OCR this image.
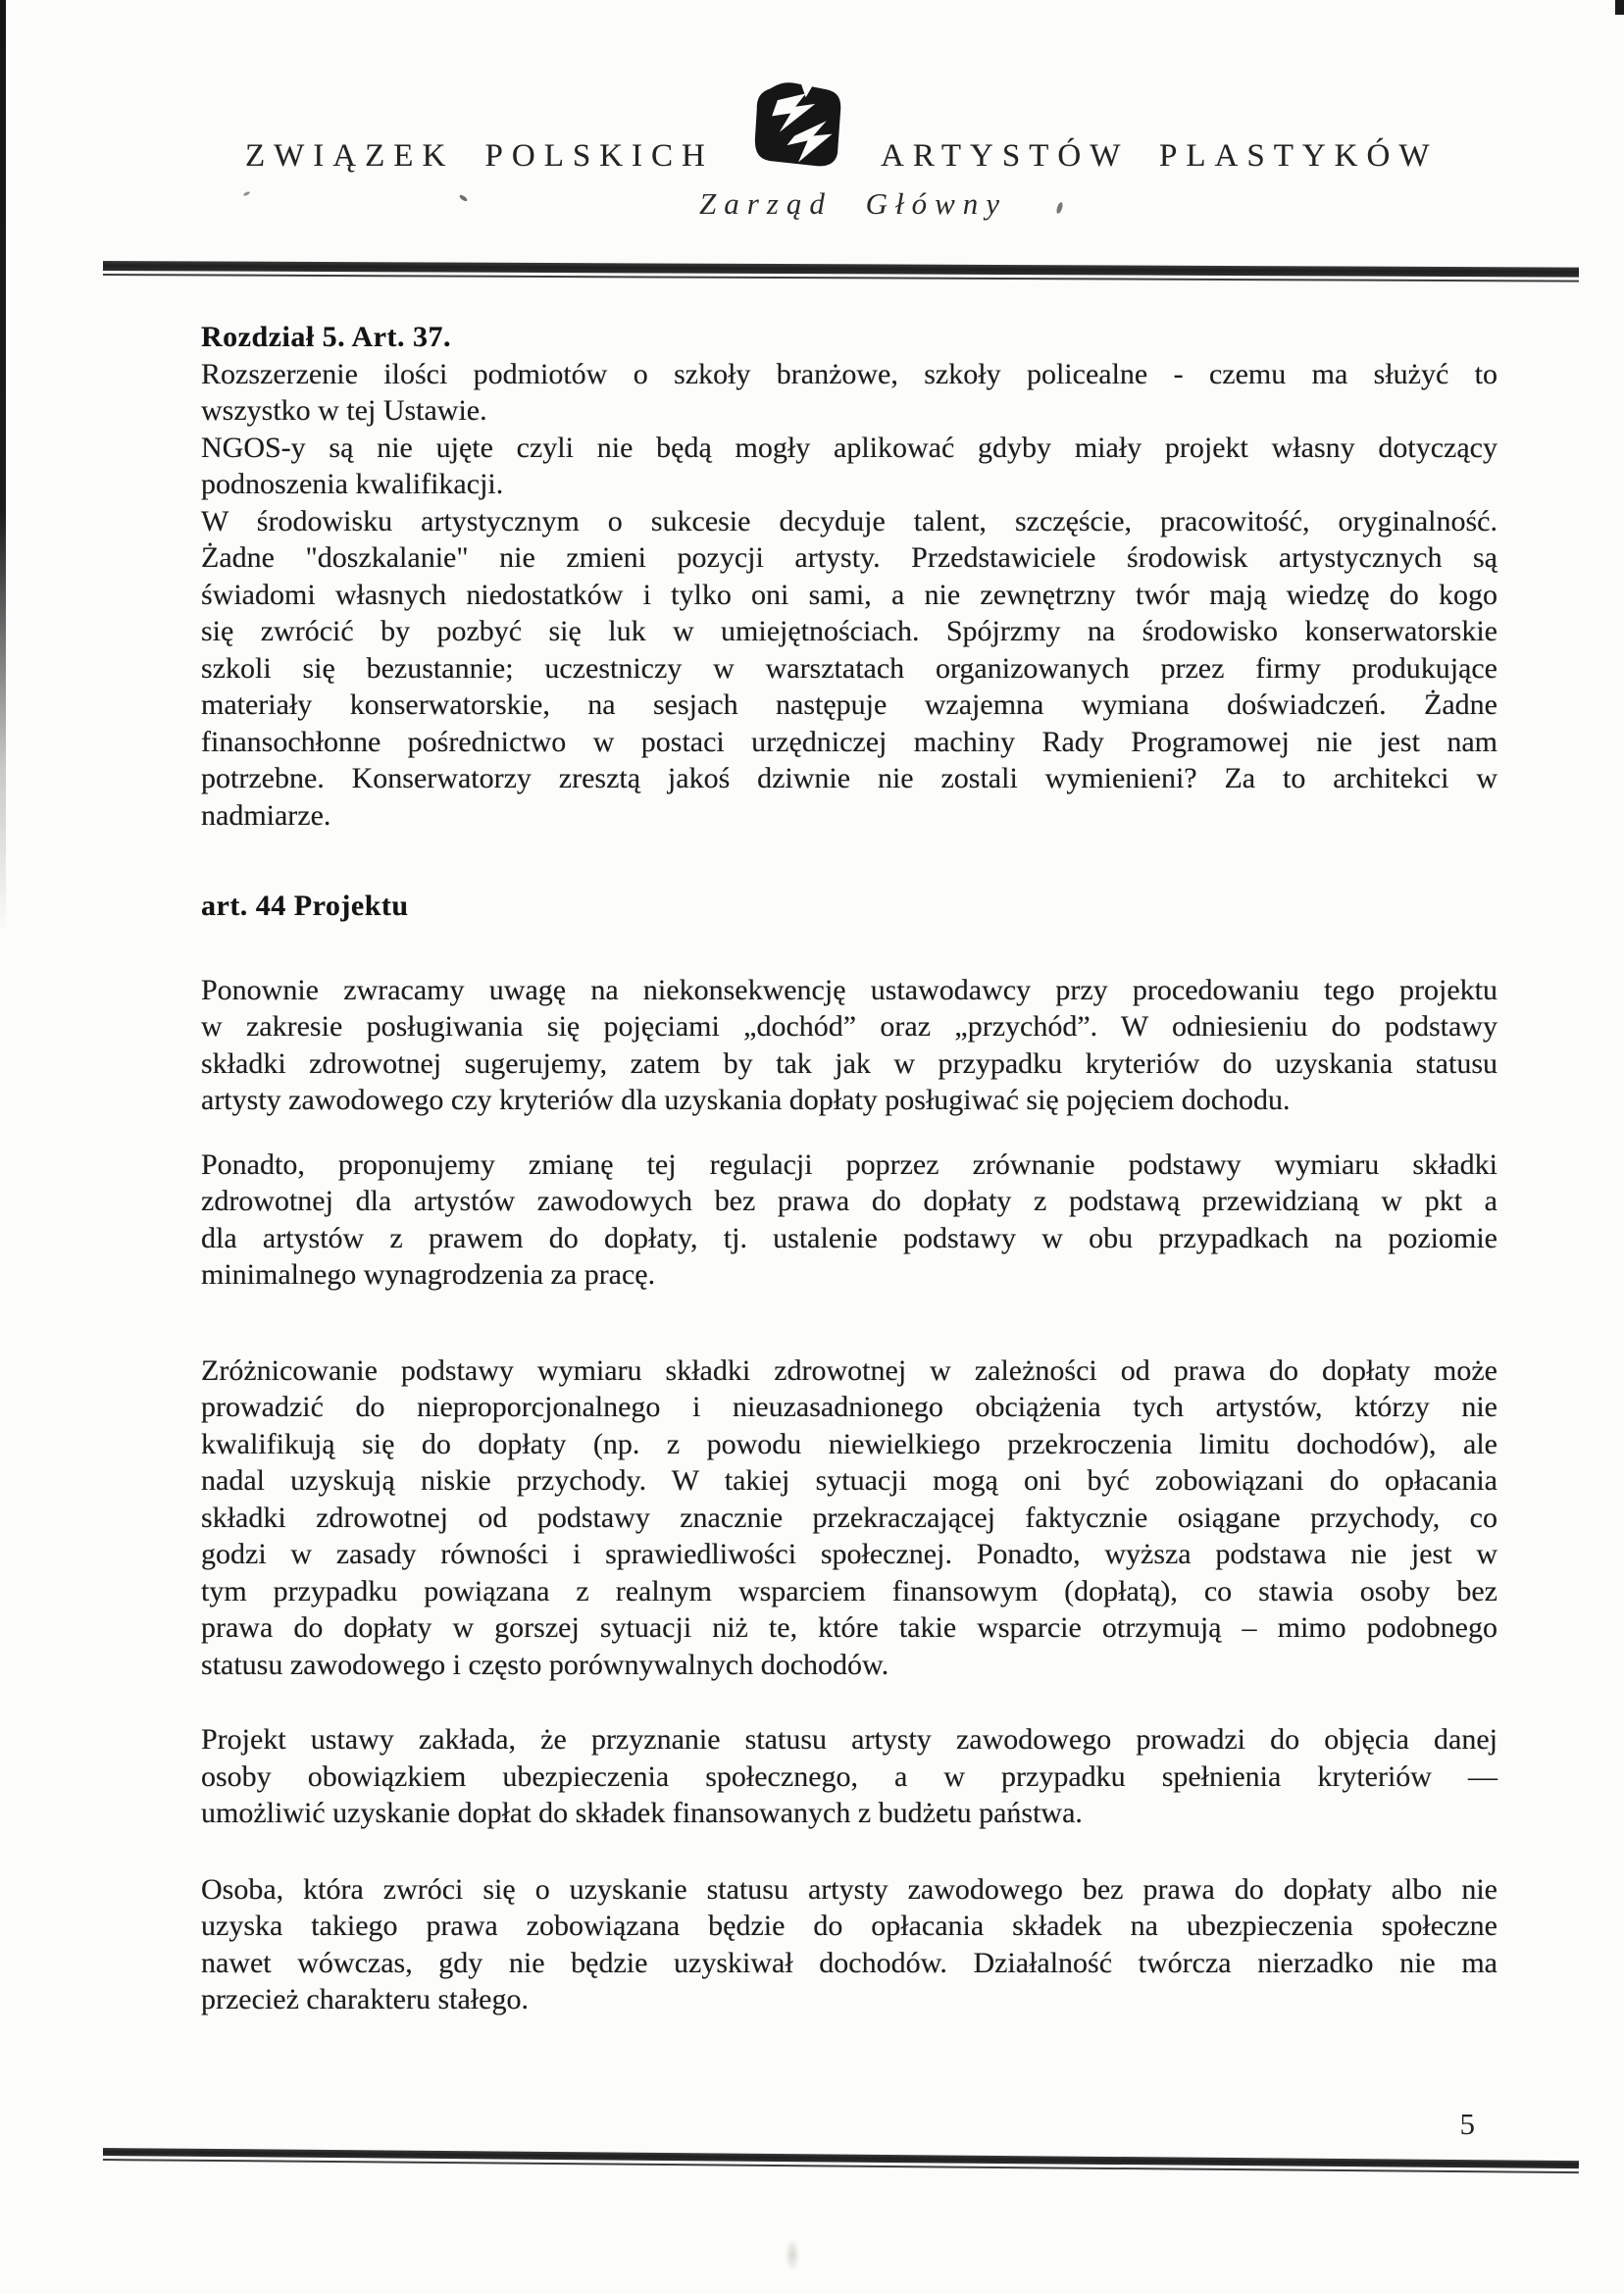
ZWIĄZEK POLSKICH	ARTYSTÓW PLASTYKÓW
Zarząd Główny
Rozdział 5. Art. 37.
Rozszerzenie ilości podmiotów o szkoły branżowe, szkoły policealne - czemu ma służyć to
wszystko w tej Ustawie.
NGOS-y są nie ujęte czyli nie będą mogły aplikować gdyby miały projekt własny dotyczący
podnoszenia kwalifikacji.
W środowisku artystycznym o sukcesie decyduje talent, szczęście, pracowitość, oryginalność.
Żadne "doszkalanie" nie zmieni pozycji artysty. Przedstawiciele środowisk artystycznych są
świadomi własnych niedostatków i tylko oni sami, a nie zewnętrzny twór mają wiedzę do kogo
się zwrócić by pozbyć się luk w umiejętnościach. Spójrzmy na środowisko konserwatorskie
szkoli się bezustannie; uczestniczy w warsztatach organizowanych przez firmy produkujące
materiały konserwatorskie, na sesjach następuje wzajemna wymiana doświadczeń. Żadne
finansochłonne pośrednictwo w postaci urzędniczej machiny Rady Programowej nie jest nam
potrzebne. Konserwatorzy zresztą jakoś dziwnie nie zostali wymienieni? Za to architekci w
nadmiarze.
art. 44 Projektu
Ponownie zwracamy uwagę na niekonsekwencję ustawodawcy przy procedowaniu tego projektu
w zakresie posługiwania się pojęciami „dochód” oraz „przychód”. W odniesieniu do podstawy
składki zdrowotnej sugerujemy, zatem by tak jak w przypadku kryteriów do uzyskania statusu
artysty zawodowego czy kryteriów dla uzyskania dopłaty posługiwać się pojęciem dochodu.
Ponadto, proponujemy zmianę tej regulacji poprzez zrównanie podstawy wymiaru składki
zdrowotnej dla artystów zawodowych bez prawa do dopłaty z podstawą przewidzianą w pkt a
dla artystów z prawem do dopłaty, tj. ustalenie podstawy w obu przypadkach na poziomie
minimalnego wynagrodzenia za pracę.
Zróżnicowanie podstawy wymiaru składki zdrowotnej w zależności od prawa do dopłaty może
prowadzić do nieproporcjonalnego i nieuzasadnionego obciążenia tych artystów, którzy nie
kwalifikują się do dopłaty (np. z powodu niewielkiego przekroczenia limitu dochodów), ale
nadal uzyskują niskie przychody. W takiej sytuacji mogą oni być zobowiązani do opłacania
składki zdrowotnej od podstawy znacznie przekraczającej faktycznie osiągane przychody, co
godzi w zasady równości i sprawiedliwości społecznej. Ponadto, wyższa podstawa nie jest w
tym przypadku powiązana z realnym wsparciem finansowym (dopłatą), co stawia osoby bez
prawa do dopłaty w gorszej sytuacji niż te, które takie wsparcie otrzymują – mimo podobnego
statusu zawodowego i często porównywalnych dochodów.
Projekt ustawy zakłada, że przyznanie statusu artysty zawodowego prowadzi do objęcia danej
osoby obowiązkiem ubezpieczenia społecznego, a w przypadku spełnienia kryteriów —
umożliwić uzyskanie dopłat do składek finansowanych z budżetu państwa.
Osoba, która zwróci się o uzyskanie statusu artysty zawodowego bez prawa do dopłaty albo nie
uzyska takiego prawa zobowiązana będzie do opłacania składek na ubezpieczenia społeczne
nawet wówczas, gdy nie będzie uzyskiwał dochodów. Działalność twórcza nierzadko nie ma
przecież charakteru stałego.
5
